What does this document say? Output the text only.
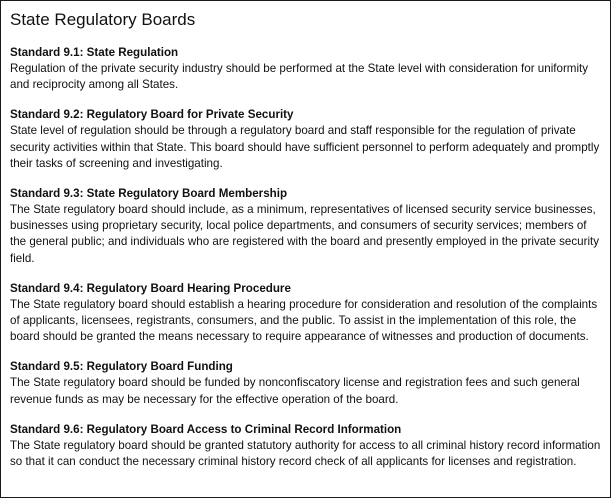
State Regulatory Boards

Standard 9.1: State Regulation

Regulation of the private security industry should be performed at the State level with consideration for uniformity and reciprocity among all States.

Standard 9.2: Regulatory Board for Private Security

State level of regulation should be through a regulatory board and staff responsible for the regulation of private security activities within that State. This board should have sufficient personnel to perform adequately and promptly their tasks of screening and investigating.

Standard 9.3: State Regulatory Board Membership

The State regulatory board should include, as a minimum, representatives of licensed security service businesses, businesses using proprietary security, local police departments, and consumers of security services; members of the general public; and individuals who are registered with the board and presently employed in the private security field.

Standard 9.4: Regulatory Board Hearing Procedure

The State regulatory board should establish a hearing procedure for consideration and resolution of the complaints of applicants, licensees, registrants, consumers, and the public. To assist in the implementation of this role, the board should be granted the means necessary to require appearance of witnesses and production of documents.

Standard 9.5: Regulatory Board Funding

The State regulatory board should be funded by nonconfiscatory license and registration fees and such general revenue funds as may be necessary for the effective operation of the board.

Standard 9.6: Regulatory Board Access to Criminal Record Information

The State regulatory board should be granted statutory authority for access to all criminal history record information so that it can conduct the necessary criminal history record check of all applicants for licenses and registration.
